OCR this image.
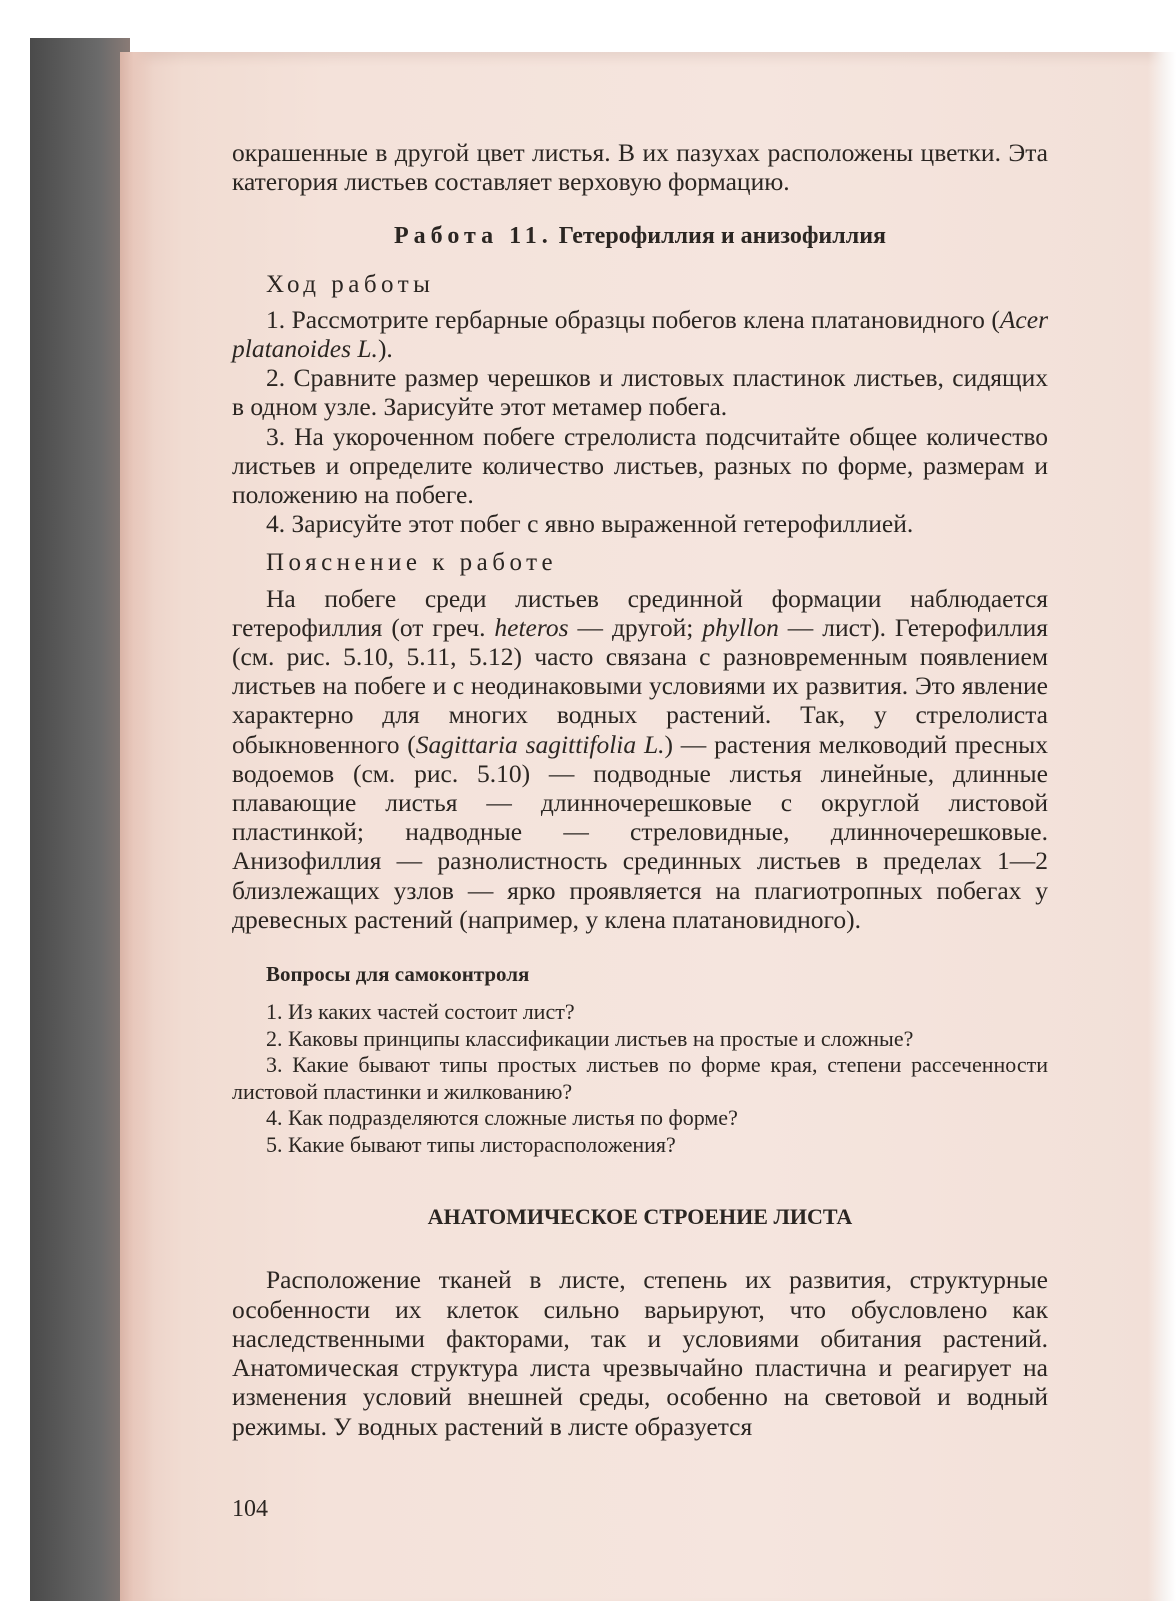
окрашенные в другой цвет листья. В их пазухах расположены цветки. Эта категория листьев составляет верховую формацию.

Работа 11. Гетерофиллия и анизофиллия

Ход работы

1. Рассмотрите гербарные образцы побегов клена платановидного (Acer platanoides L.).

2. Сравните размер черешков и листовых пластинок листьев, сидящих в одном узле. Зарисуйте этот метамер побега.

3. На укороченном побеге стрелолиста подсчитайте общее количество листьев и определите количество листьев, разных по форме, размерам и положению на побеге.

4. Зарисуйте этот побег с явно выраженной гетерофиллией.

Пояснение к работе

На побеге среди листьев срединной формации наблюдается гетерофиллия (от греч. heteros — другой; phyllon — лист). Гетерофиллия (см. рис. 5.10, 5.11, 5.12) часто связана с разновременным появлением листьев на побеге и с неодинаковыми условиями их развития. Это явление характерно для многих водных растений. Так, у стрелолиста обыкновенного (Sagittaria sagittifolia L.) — растения мелководий пресных водоемов (см. рис. 5.10) — подводные листья линейные, длинные плавающие листья — длинночерешковые с округлой листовой пластинкой; надводные — стреловидные, длинночерешковые. Анизофиллия — разнолистность срединных листьев в пределах 1—2 близлежащих узлов — ярко проявляется на плагиотропных побегах у древесных растений (например, у клена платановидного).

Вопросы для самоконтроля

1. Из каких частей состоит лист?

2. Каковы принципы классификации листьев на простые и сложные?

3. Какие бывают типы простых листьев по форме края, степени рассеченности листовой пластинки и жилкованию?

4. Как подразделяются сложные листья по форме?

5. Какие бывают типы листорасположения?

АНАТОМИЧЕСКОЕ СТРОЕНИЕ ЛИСТА

Расположение тканей в листе, степень их развития, структурные особенности их клеток сильно варьируют, что обусловлено как наследственными факторами, так и условиями обитания растений. Анатомическая структура листа чрезвычайно пластична и реагирует на изменения условий внешней среды, особенно на световой и водный режимы. У водных растений в листе образуется

104
